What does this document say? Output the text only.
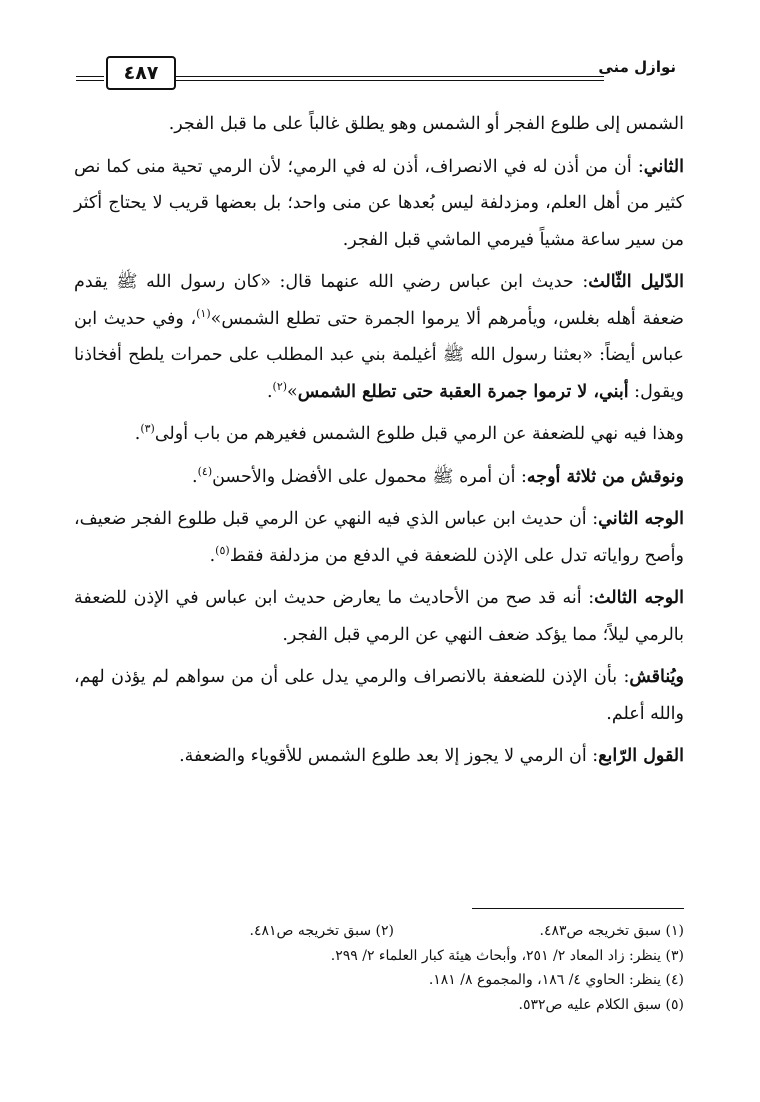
نوازل منى
٤٨٧

الشمس إلى طلوع الفجر أو الشمس وهو يطلق غالباً على ما قبل الفجر.

الثاني: أن من أذن له في الانصراف، أذن له في الرمي؛ لأن الرمي تحية منى كما نص كثير من أهل العلم، ومزدلفة ليس بُعدها عن منى واحد؛ بل بعضها قريب لا يحتاج أكثر من سير ساعة مشياً فيرمي الماشي قبل الفجر.

الدّليل الثّالث: حديث ابن عباس رضي الله عنهما قال: «كان رسول الله ﷺ يقدم ضعفة أهله بغلس، ويأمرهم ألا يرموا الجمرة حتى تطلع الشمس»$^{(١)}$، وفي حديث ابن عباس أيضاً: «بعثنا رسول الله ﷺ أغيلمة بني عبد المطلب على حمرات يلطح أفخاذنا ويقول: أبني، لا ترموا جمرة العقبة حتى تطلع الشمس»$^{(٢)}$.

وهذا فيه نهي للضعفة عن الرمي قبل طلوع الشمس فغيرهم من باب أولى$^{(٣)}$.

ونوقش من ثلاثة أوجه: أن أمره ﷺ محمول على الأفضل والأحسن$^{(٤)}$.

الوجه الثاني: أن حديث ابن عباس الذي فيه النهي عن الرمي قبل طلوع الفجر ضعيف، وأصح رواياته تدل على الإذن للضعفة في الدفع من مزدلفة فقط$^{(٥)}$.

الوجه الثالث: أنه قد صح من الأحاديث ما يعارض حديث ابن عباس في الإذن للضعفة بالرمي ليلاً؛ مما يؤكد ضعف النهي عن الرمي قبل الفجر.

ويُناقش: بأن الإذن للضعفة بالانصراف والرمي يدل على أن من سواهم لم يؤذن لهم، والله أعلم.

القول الرّابع: أن الرمي لا يجوز إلا بعد طلوع الشمس للأقوياء والضعفة.

(١) سبق تخريجه ص٤٨٣.(٢) سبق تخريجه ص٤٨١.
(٣) ينظر: زاد المعاد ٢/ ٢٥١، وأبحاث هيئة كبار العلماء ٢/ ٢٩٩.
(٤) ينظر: الحاوي ٤/ ١٨٦، والمجموع ٨/ ١٨١.
(٥) سبق الكلام عليه ص٥٣٢.
